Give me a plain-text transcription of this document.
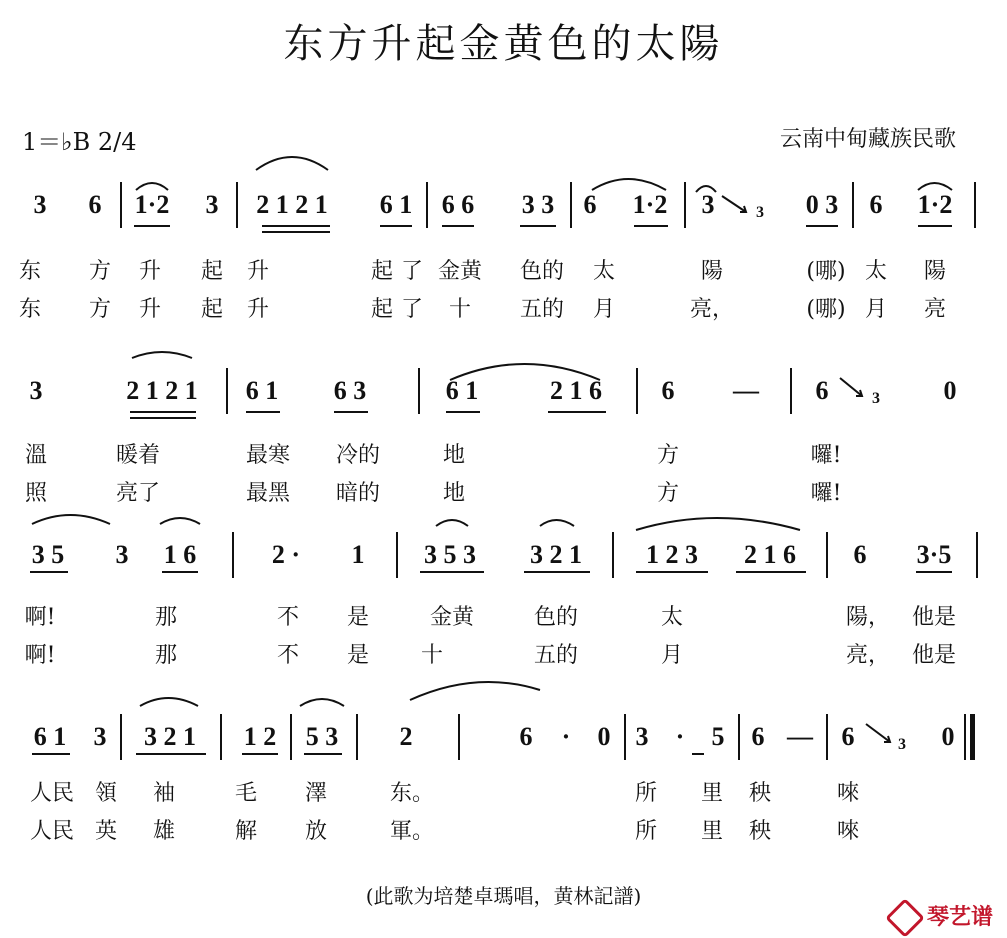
东方升起金黄色的太陽
1＝♭B 2/4	云南中甸藏族民歌
3 6 1·2 3 2 1 2 1 6 1 6 6 3 3 6 1·2 3	3 0 3 6 1·2
东 方 升 起 升	起 了 金黄 色的 太	陽	(哪) 太 陽
东 方 升 起 升	起 了 十 五的 月	亮，	(哪) 月 亮
3	2 1 2 1 6 1 6 3	6 1	2 1 6 6 — 6	3 0
溫	暖着	最寒 冷的	地	方	囉!
照	亮了	最黑 暗的	地	方	囉!
3 5 3 1 6	2 · 1 3 5 3 3 2 1 1 2 3 2 1 6 6 3·5
啊!	那	不 是	金黄	色的	太	陽， 他是
啊!	那	不 是 十	五的	月	亮， 他是
6 1 3 3 2 1 1 2 5 3 2	6 · 0 3 · 5 6 — 6	3 0
人民 領 袖	毛 澤	东。	所 里 秧	唻
人民 英 雄	解 放	軍。	所 里 秧	唻
(此歌为培楚卓瑪唱，黄林記譜)
琴艺谱
